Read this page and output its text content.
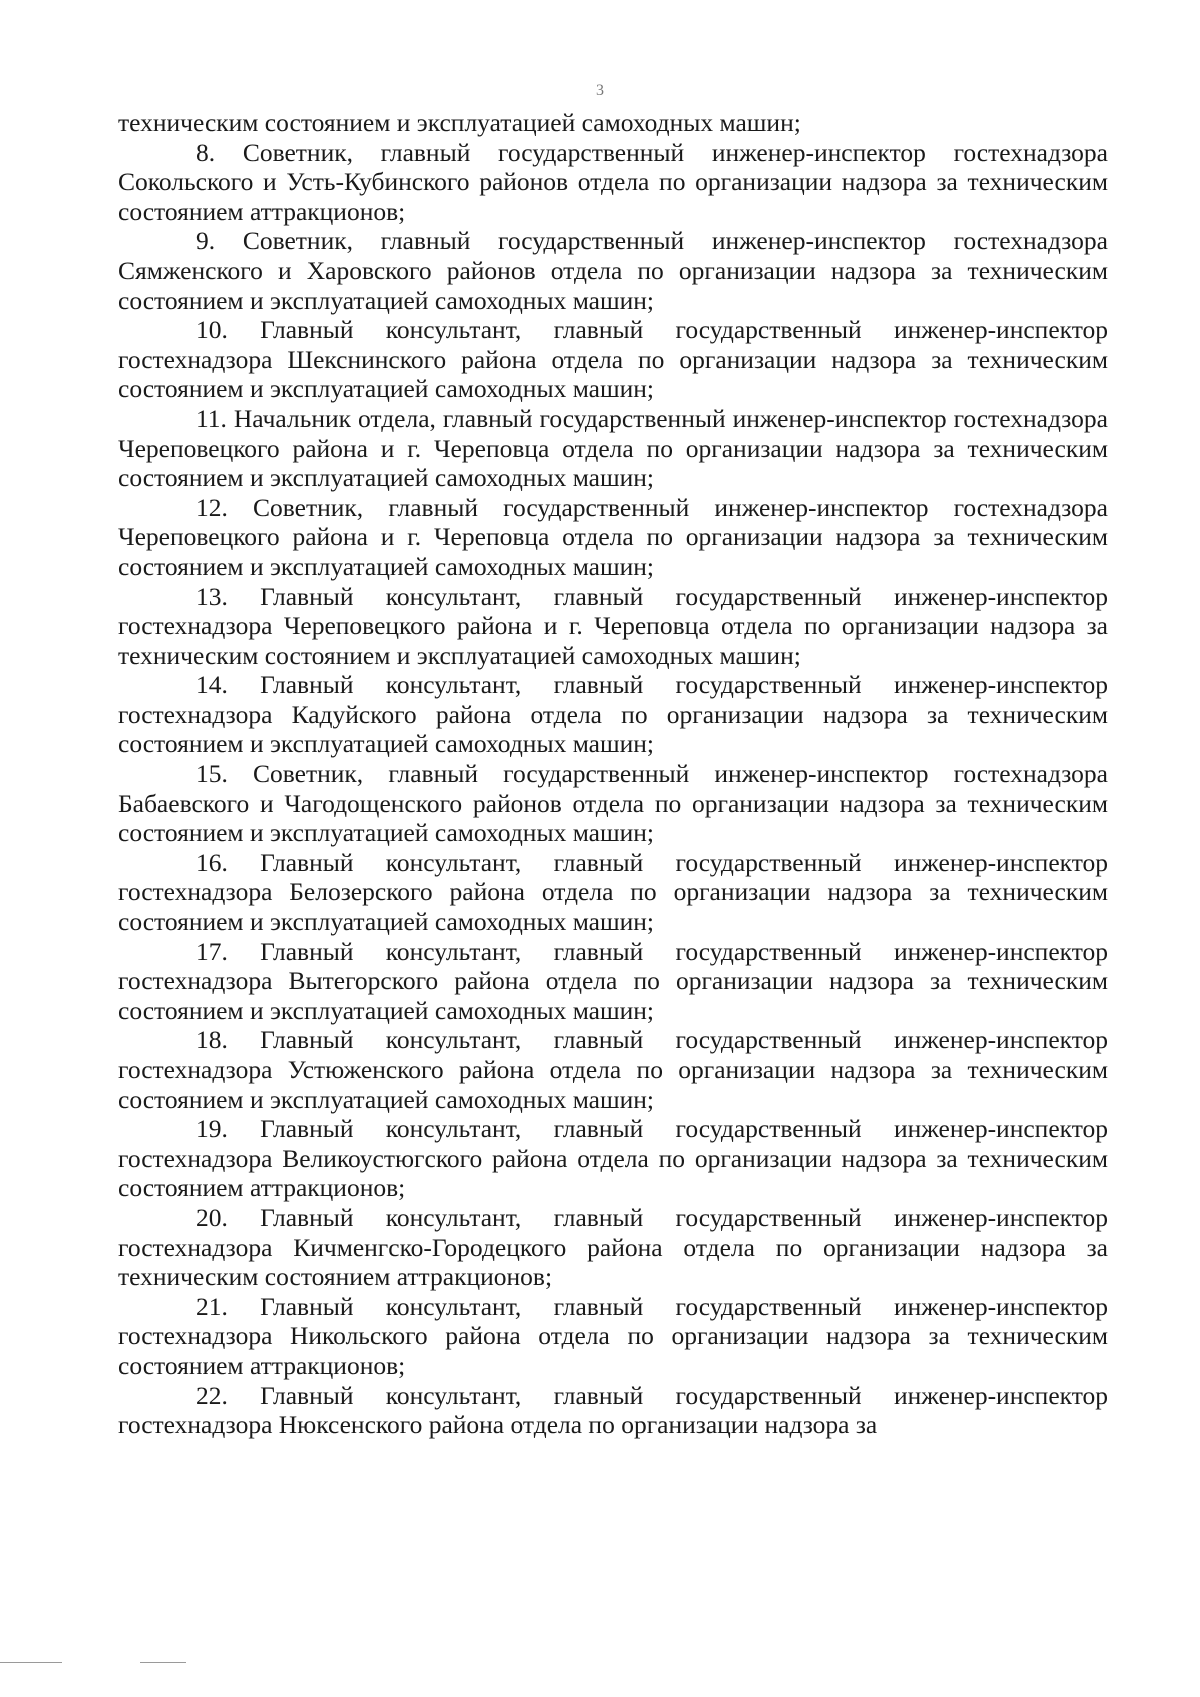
3

техническим состоянием и эксплуатацией самоходных машин;

8. Советник, главный государственный инженер-инспектор гостехнадзора Сокольского и Усть-Кубинского районов отдела по организации надзора за техническим состоянием аттракционов;

9. Советник, главный государственный инженер-инспектор гостехнадзора Сямженского и Харовского районов отдела по организации надзора за техническим состоянием и эксплуатацией самоходных машин;

10. Главный консультант, главный государственный инженер-инспектор гостехнадзора Шекснинского района отдела по организации надзора за техническим состоянием и эксплуатацией самоходных машин;

11. Начальник отдела, главный государственный инженер-инспектор гостехнадзора Череповецкого района и г. Череповца отдела по организации надзора за техническим состоянием и эксплуатацией самоходных машин;

12. Советник, главный государственный инженер-инспектор гостехнадзора Череповецкого района и г. Череповца отдела по организации надзора за техническим состоянием и эксплуатацией самоходных машин;

13. Главный консультант, главный государственный инженер-инспектор гостехнадзора Череповецкого района и г. Череповца отдела по организации надзора за техническим состоянием и эксплуатацией самоходных машин;

14. Главный консультант, главный государственный инженер-инспектор гостехнадзора Кадуйского района отдела по организации надзора за техническим состоянием и эксплуатацией самоходных машин;

15. Советник, главный государственный инженер-инспектор гостехнадзора Бабаевского и Чагодощенского районов отдела по организации надзора за техническим состоянием и эксплуатацией самоходных машин;

16. Главный консультант, главный государственный инженер-инспектор гостехнадзора Белозерского района отдела по организации надзора за техническим состоянием и эксплуатацией самоходных машин;

17. Главный консультант, главный государственный инженер-инспектор гостехнадзора Вытегорского района отдела по организации надзора за техническим состоянием и эксплуатацией самоходных машин;

18. Главный консультант, главный государственный инженер-инспектор гостехнадзора Устюженского района отдела по организации надзора за техническим состоянием и эксплуатацией самоходных машин;

19. Главный консультант, главный государственный инженер-инспектор гостехнадзора Великоустюгского района отдела по организации надзора за техническим состоянием аттракционов;

20. Главный консультант, главный государственный инженер-инспектор гостехнадзора Кичменгско-Городецкого района отдела по организации надзора за техническим состоянием аттракционов;

21. Главный консультант, главный государственный инженер-инспектор гостехнадзора Никольского района отдела по организации надзора за техническим состоянием аттракционов;

22. Главный консультант, главный государственный инженер-инспектор гостехнадзора Нюксенского района отдела по организации надзора за
